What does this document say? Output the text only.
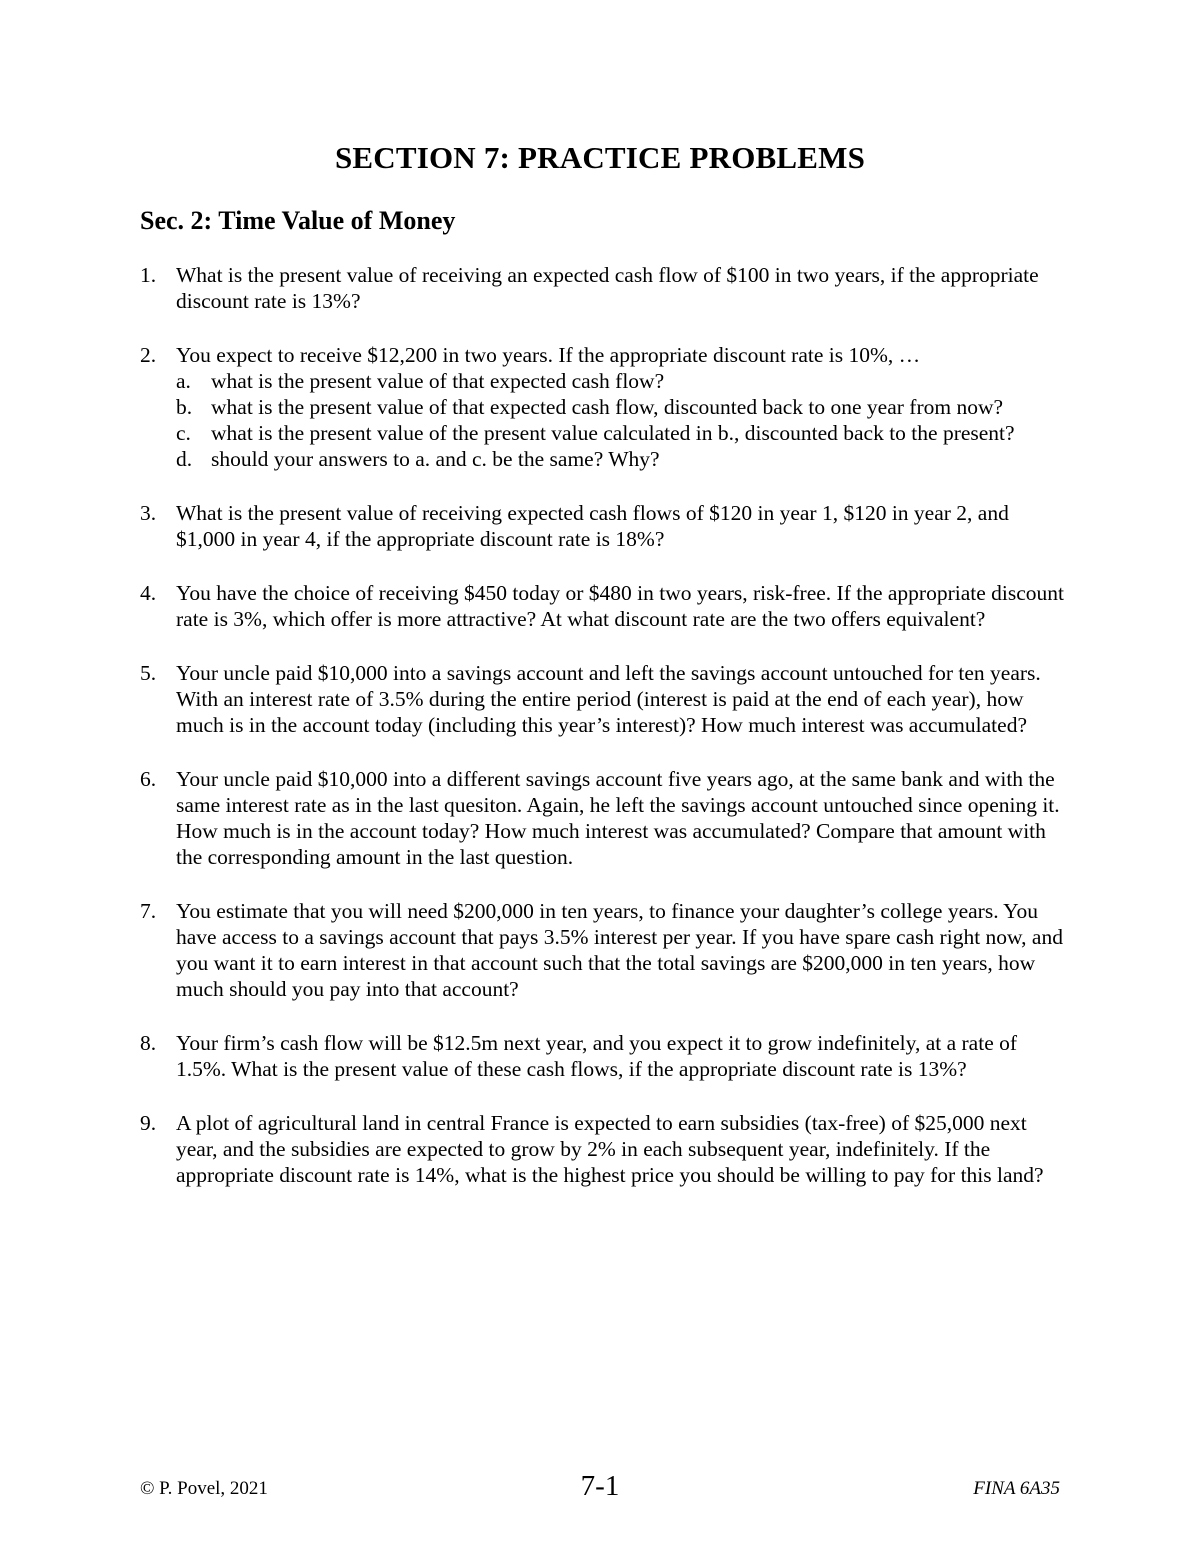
SECTION 7: PRACTICE PROBLEMS
Sec. 2: Time Value of Money
1. What is the present value of receiving an expected cash flow of $100 in two years, if the appropriate discount rate is 13%?
2. You expect to receive $12,200 in two years. If the appropriate discount rate is 10%, …
a. what is the present value of that expected cash flow?
b. what is the present value of that expected cash flow, discounted back to one year from now?
c. what is the present value of the present value calculated in b., discounted back to the present?
d. should your answers to a. and c. be the same? Why?
3. What is the present value of receiving expected cash flows of $120 in year 1, $120 in year 2, and $1,000 in year 4, if the appropriate discount rate is 18%?
4. You have the choice of receiving $450 today or $480 in two years, risk-free. If the appropriate discount rate is 3%, which offer is more attractive? At what discount rate are the two offers equivalent?
5. Your uncle paid $10,000 into a savings account and left the savings account untouched for ten years. With an interest rate of 3.5% during the entire period (interest is paid at the end of each year), how much is in the account today (including this year’s interest)? How much interest was accumulated?
6. Your uncle paid $10,000 into a different savings account five years ago, at the same bank and with the same interest rate as in the last quesiton. Again, he left the savings account untouched since opening it. How much is in the account today? How much interest was accumulated? Compare that amount with the corresponding amount in the last question.
7. You estimate that you will need $200,000 in ten years, to finance your daughter’s college years. You have access to a savings account that pays 3.5% interest per year. If you have spare cash right now, and you want it to earn interest in that account such that the total savings are $200,000 in ten years, how much should you pay into that account?
8. Your firm’s cash flow will be $12.5m next year, and you expect it to grow indefinitely, at a rate of 1.5%. What is the present value of these cash flows, if the appropriate discount rate is 13%?
9. A plot of agricultural land in central France is expected to earn subsidies (tax-free) of $25,000 next year, and the subsidies are expected to grow by 2% in each subsequent year, indefinitely. If the appropriate discount rate is 14%, what is the highest price you should be willing to pay for this land?
© P. Povel, 2021	7-1	FINA 6A35
